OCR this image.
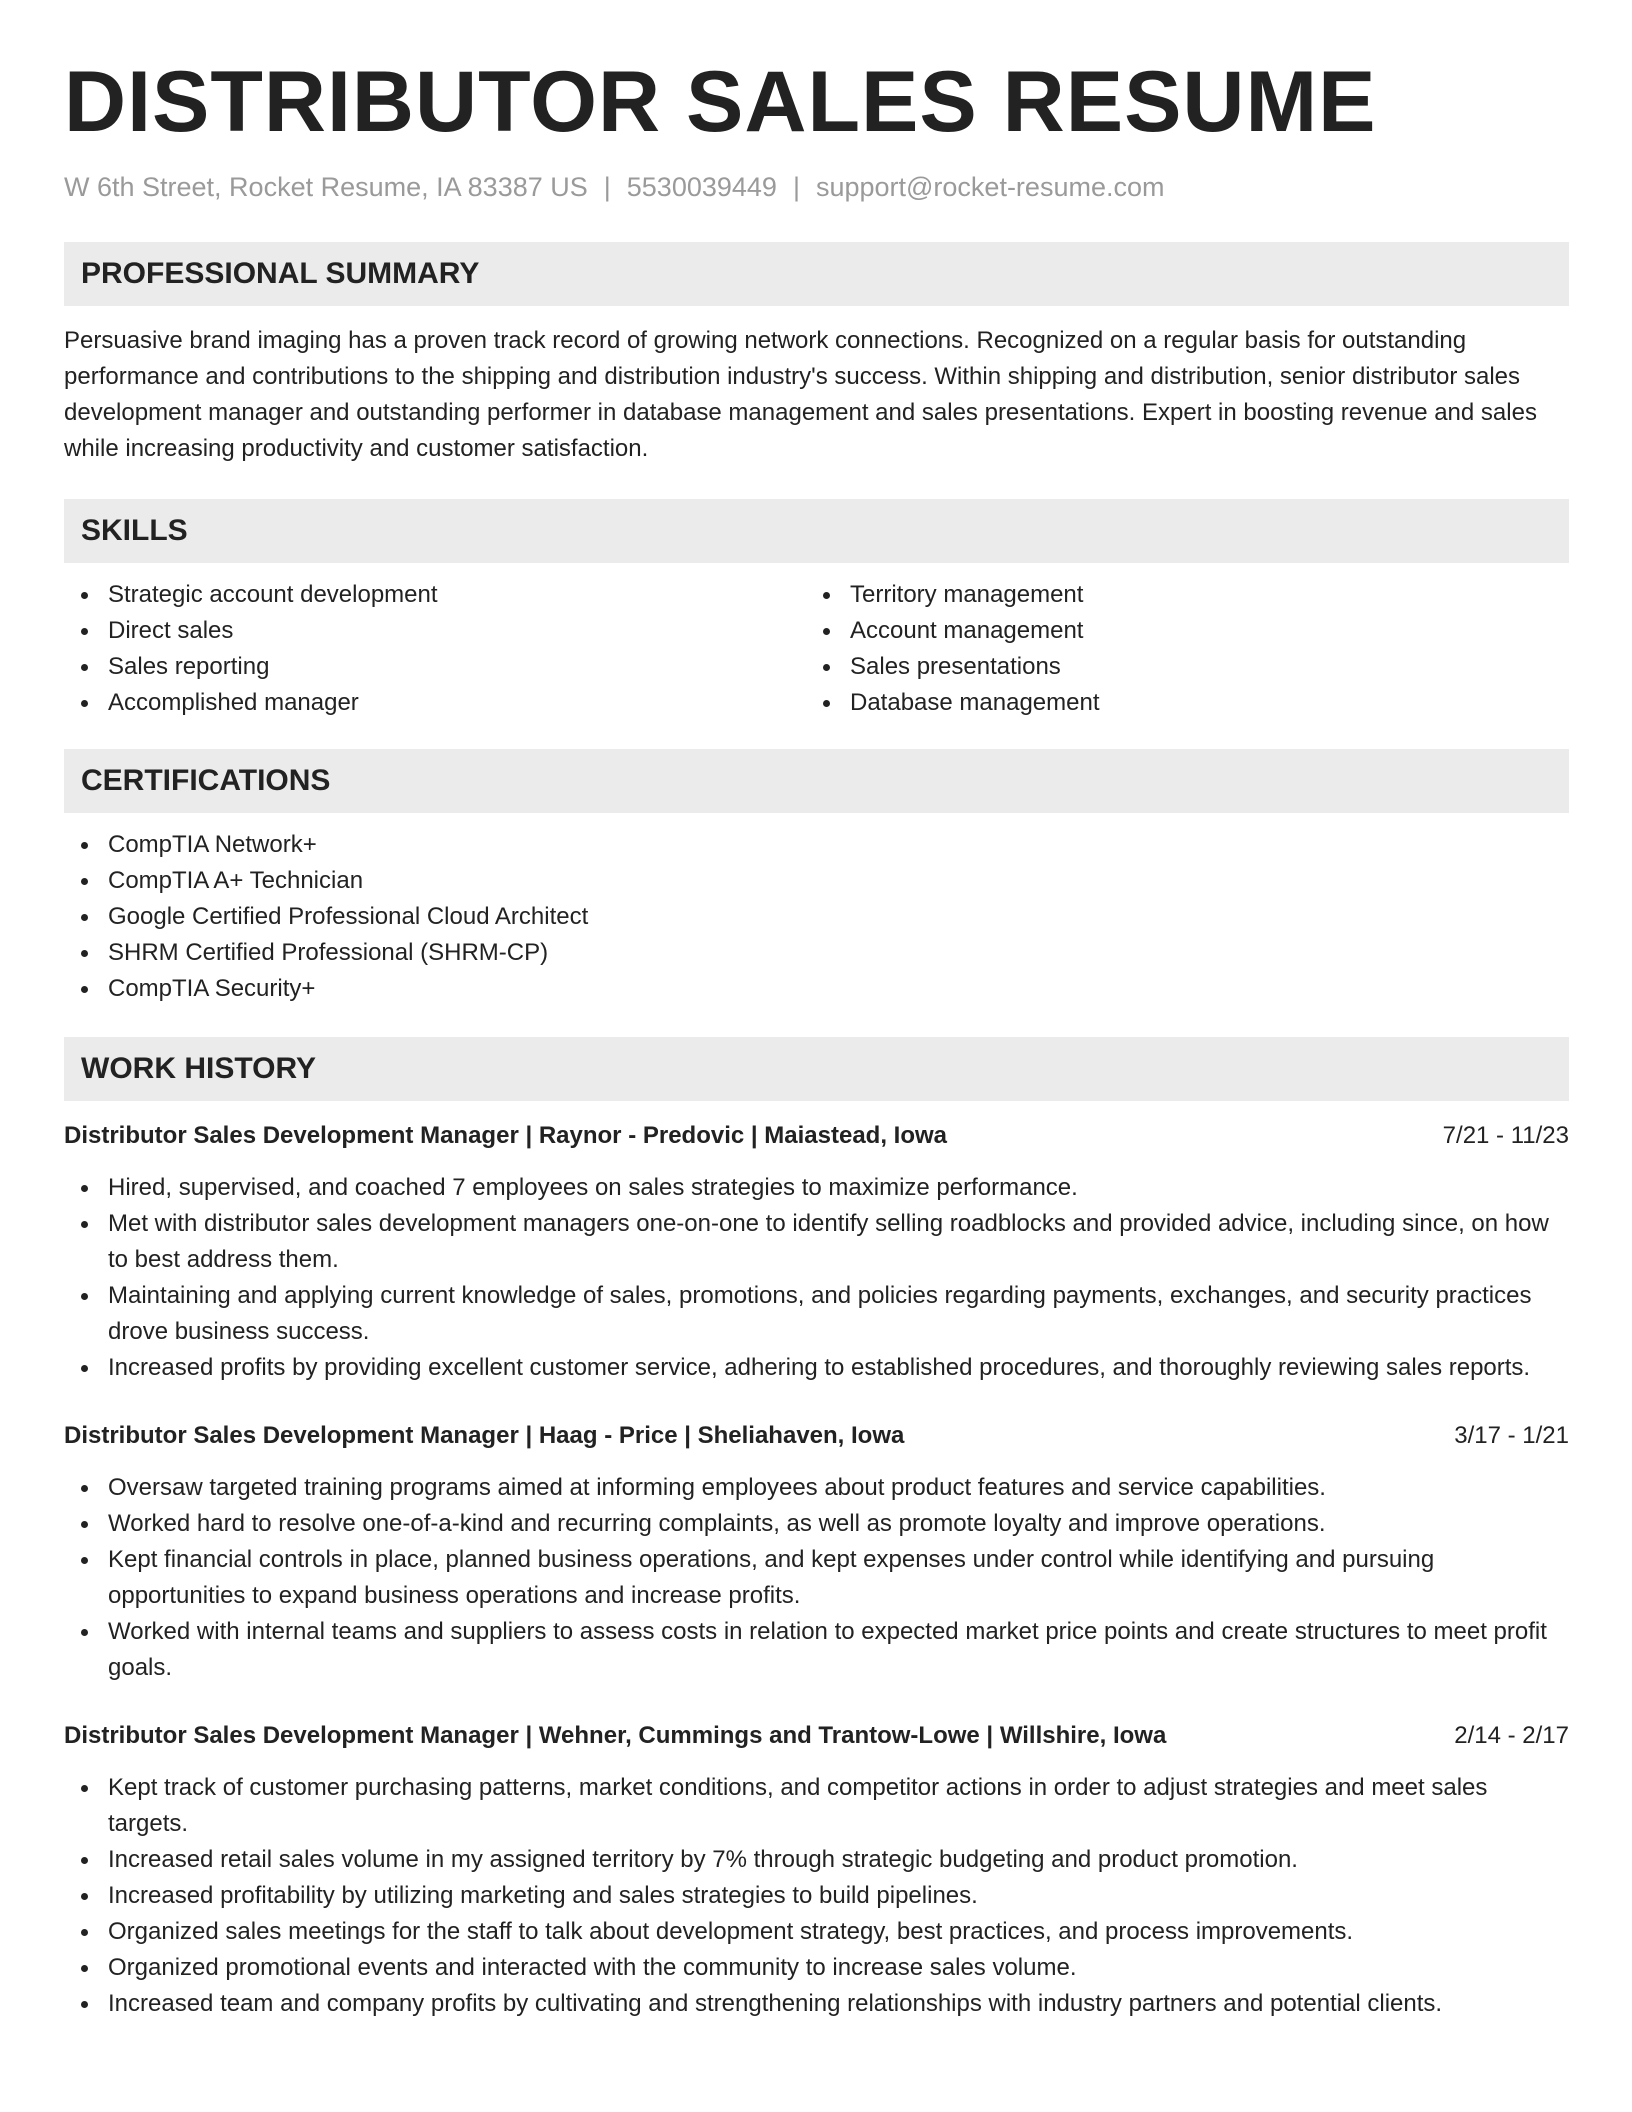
DISTRIBUTOR SALES RESUME
W 6th Street, Rocket Resume, IA 83387 US | 5530039449 | support@rocket-resume.com
PROFESSIONAL SUMMARY
Persuasive brand imaging has a proven track record of growing network connections. Recognized on a regular basis for outstanding performance and contributions to the shipping and distribution industry's success. Within shipping and distribution, senior distributor sales development manager and outstanding performer in database management and sales presentations. Expert in boosting revenue and sales while increasing productivity and customer satisfaction.
SKILLS
Strategic account development
Direct sales
Sales reporting
Accomplished manager
Territory management
Account management
Sales presentations
Database management
CERTIFICATIONS
CompTIA Network+
CompTIA A+ Technician
Google Certified Professional Cloud Architect
SHRM Certified Professional (SHRM-CP)
CompTIA Security+
WORK HISTORY
Distributor Sales Development Manager | Raynor - Predovic | Maiastead, Iowa	7/21 - 11/23
Hired, supervised, and coached 7 employees on sales strategies to maximize performance.
Met with distributor sales development managers one-on-one to identify selling roadblocks and provided advice, including since, on how to best address them.
Maintaining and applying current knowledge of sales, promotions, and policies regarding payments, exchanges, and security practices drove business success.
Increased profits by providing excellent customer service, adhering to established procedures, and thoroughly reviewing sales reports.
Distributor Sales Development Manager | Haag - Price | Sheliahaven, Iowa	3/17 - 1/21
Oversaw targeted training programs aimed at informing employees about product features and service capabilities.
Worked hard to resolve one-of-a-kind and recurring complaints, as well as promote loyalty and improve operations.
Kept financial controls in place, planned business operations, and kept expenses under control while identifying and pursuing opportunities to expand business operations and increase profits.
Worked with internal teams and suppliers to assess costs in relation to expected market price points and create structures to meet profit goals.
Distributor Sales Development Manager | Wehner, Cummings and Trantow-Lowe | Willshire, Iowa	2/14 - 2/17
Kept track of customer purchasing patterns, market conditions, and competitor actions in order to adjust strategies and meet sales targets.
Increased retail sales volume in my assigned territory by 7% through strategic budgeting and product promotion.
Increased profitability by utilizing marketing and sales strategies to build pipelines.
Organized sales meetings for the staff to talk about development strategy, best practices, and process improvements.
Organized promotional events and interacted with the community to increase sales volume.
Increased team and company profits by cultivating and strengthening relationships with industry partners and potential clients.
